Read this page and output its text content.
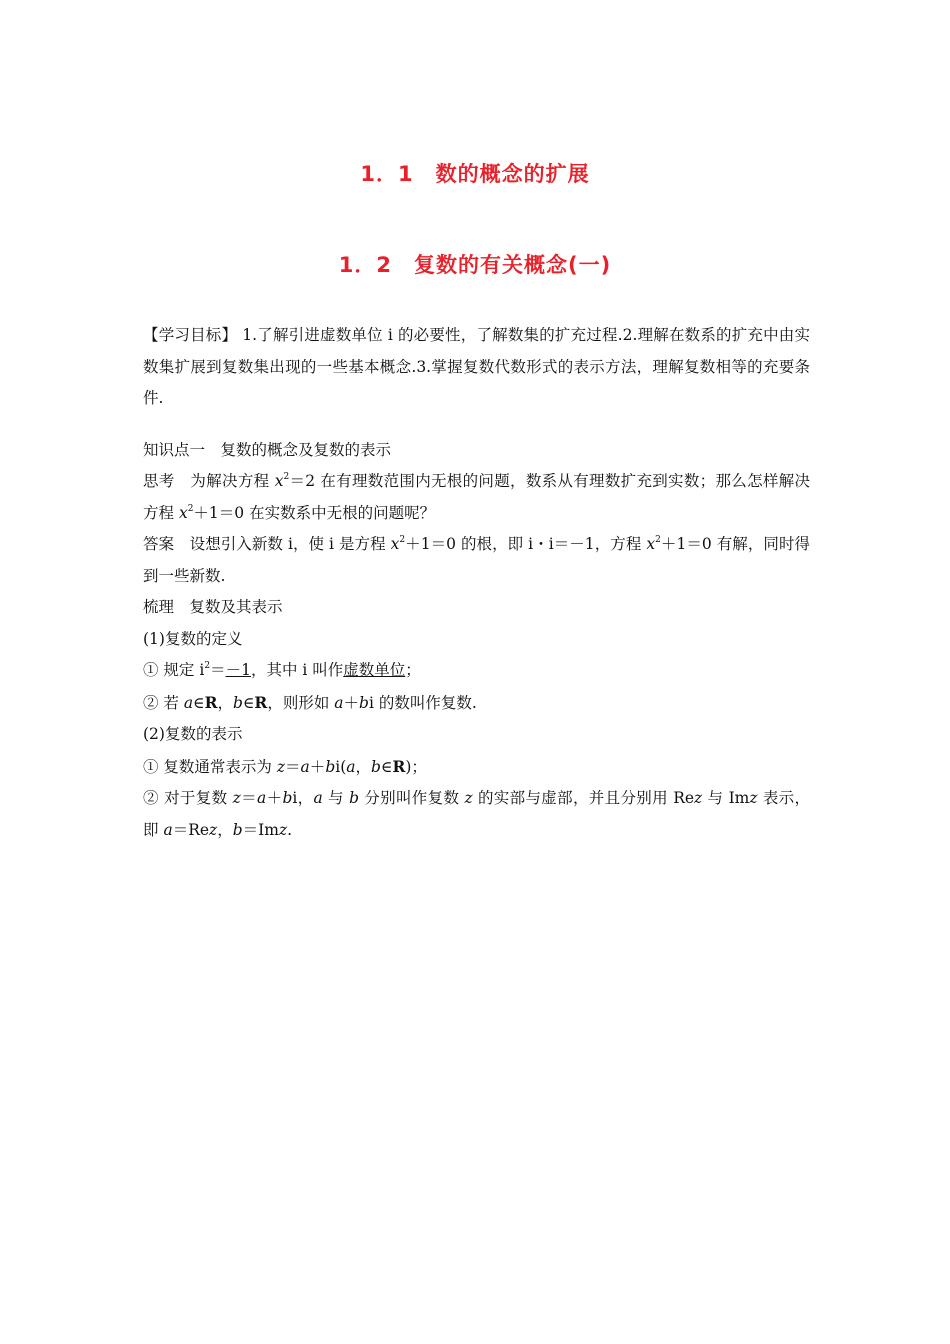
1．1　数的概念的扩展
1．2　复数的有关概念(一)

【学习目标】 1.了解引进虚数单位 i 的必要性，了解数集的扩充过程.2.理解在数系的扩充中由实数集扩展到复数集出现的一些基本概念.3.掌握复数代数形式的表示方法，理解复数相等的充要条件.

知识点一　复数的概念及复数的表示

思考　为解决方程 $x^2=2$ 在有理数范围内无根的问题，数系从有理数扩充到实数；那么怎样解决方程 $x^2+1=0$ 在实数系中无根的问题呢？

答案　设想引入新数 i，使 i 是方程 $x^2+1=0$ 的根，即 i・i＝－1，方程 $x^2+1=0$ 有解，同时得到一些新数.

梳理　复数及其表示

(1)复数的定义

① 规定 $i^2=-1$，其中 i 叫作虚数单位；

② 若 a∈R，b∈R，则形如 a＋bi 的数叫作复数.

(2)复数的表示

① 复数通常表示为 z＝a＋bi(a，b∈R)；

② 对于复数 z＝a＋bi，a 与 b 分别叫作复数 z 的实部与虚部，并且分别用 Rez 与 Imz 表示，即 a＝Rez，b＝Imz.
